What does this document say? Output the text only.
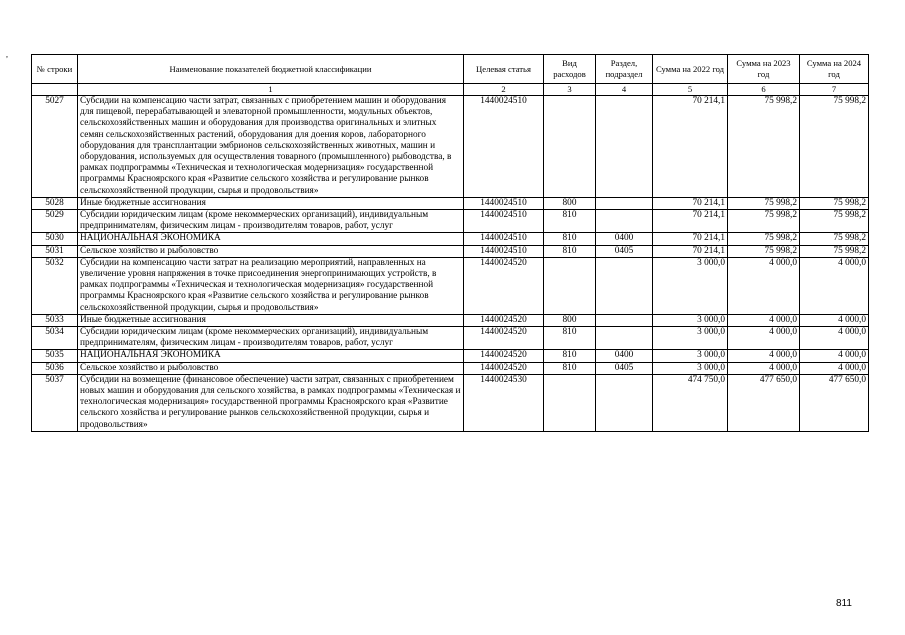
,
№ строки	Наименование показателей бюджетной классификации	Целевая статья	Вид расходов	Раздел, подраздел	Сумма на 2022 год	Сумма на 2023 год	Сумма на 2024 год
	1	2	3	4	5	6	7
5027	Субсидии на компенсацию части затрат, связанных с приобретением машин и оборудования для пищевой, перерабатывающей и элеваторной промышленности, модульных объектов, сельскохозяйственных машин и оборудования для производства оригинальных и элитных семян сельскохозяйственных растений, оборудования для доения коров, лабораторного оборудования для трансплантации эмбрионов сельскохозяйственных животных, машин и оборудования, используемых для осуществления товарного (промышленного) рыбоводства, в рамках подпрограммы «Техническая и технологическая модернизация» государственной программы Красноярского края «Развитие сельского хозяйства и регулирование рынков сельскохозяйственной продукции, сырья и продовольствия»	1440024510			70 214,1	75 998,2	75 998,2
5028	Иные бюджетные ассигнования	1440024510	800		70 214,1	75 998,2	75 998,2
5029	Субсидии юридическим лицам (кроме некоммерческих организаций), индивидуальным предпринимателям, физическим лицам - производителям товаров, работ, услуг	1440024510	810		70 214,1	75 998,2	75 998,2
5030	НАЦИОНАЛЬНАЯ ЭКОНОМИКА	1440024510	810	0400	70 214,1	75 998,2	75 998,2
5031	Сельское хозяйство и рыболовство	1440024510	810	0405	70 214,1	75 998,2	75 998,2
5032	Субсидии на компенсацию части затрат на реализацию мероприятий, направленных на увеличение уровня напряжения в точке присоединения энергопринимающих устройств, в рамках подпрограммы «Техническая и технологическая модернизация» государственной программы Красноярского края «Развитие сельского хозяйства и регулирование рынков сельскохозяйственной продукции, сырья и продовольствия»	1440024520			3 000,0	4 000,0	4 000,0
5033	Иные бюджетные ассигнования	1440024520	800		3 000,0	4 000,0	4 000,0
5034	Субсидии юридическим лицам (кроме некоммерческих организаций), индивидуальным предпринимателям, физическим лицам - производителям товаров, работ, услуг	1440024520	810		3 000,0	4 000,0	4 000,0
5035	НАЦИОНАЛЬНАЯ ЭКОНОМИКА	1440024520	810	0400	3 000,0	4 000,0	4 000,0
5036	Сельское хозяйство и рыболовство	1440024520	810	0405	3 000,0	4 000,0	4 000,0
5037	Субсидии на возмещение (финансовое обеспечение) части затрат, связанных с приобретением новых машин и оборудования для сельского хозяйства, в рамках подпрограммы «Техническая и технологическая модернизация» государственной программы Красноярского края «Развитие сельского хозяйства и регулирование рынков сельскохозяйственной продукции, сырья и продовольствия»	1440024530			474 750,0	477 650,0	477 650,0
811
